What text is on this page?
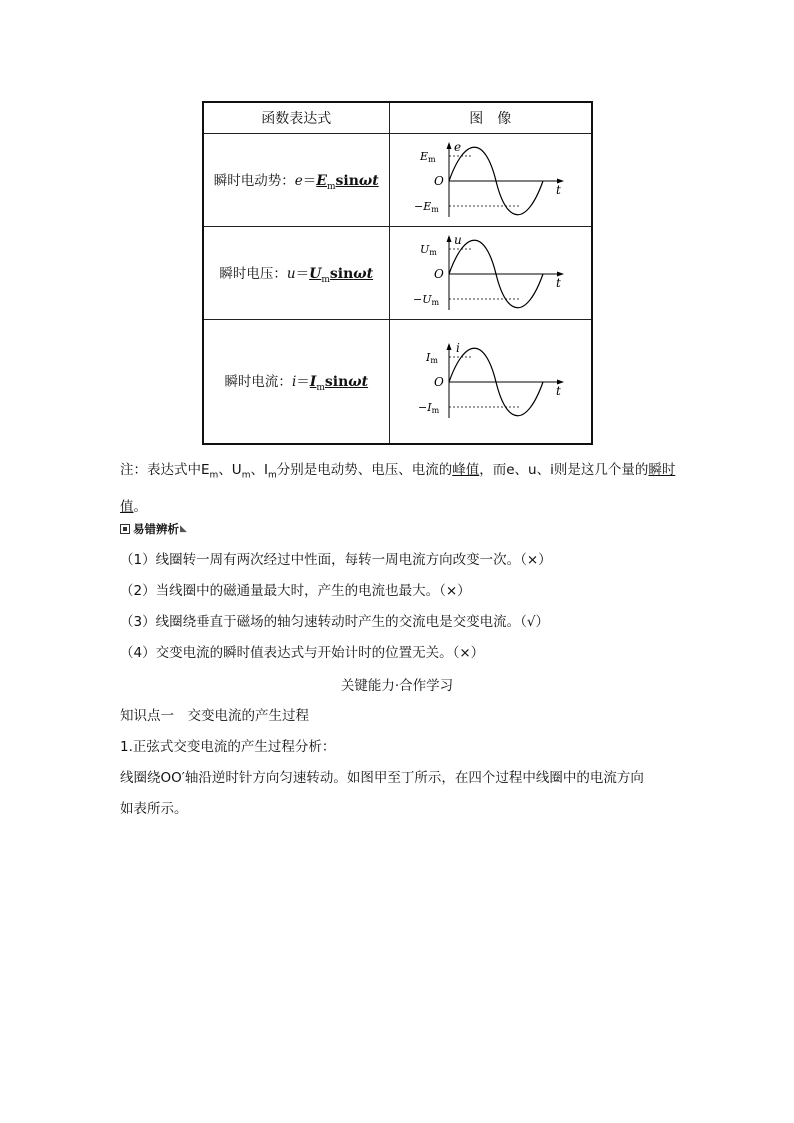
函数表达式	图　像
瞬时电动势：$e=E_m\sin\omega t$	e
Em
O
−Em
t

瞬时电压：$u=U_m\sin\omega t$	u
Um
O
−Um
t

瞬时电流：$i=I_m\sin\omega t$	i
Im
O
−Im
t
注：表达式中$E_m$、$U_m$、$I_m$分别是电动势、电压、电流的峰值，而e、u、i则是这几个量的瞬时值。
易错辨析 ◣
（1）线圈转一周有两次经过中性面，每转一周电流方向改变一次。（×）
（2）当线圈中的磁通量最大时，产生的电流也最大。（×）
（3）线圈绕垂直于磁场的轴匀速转动时产生的交流电是交变电流。（√）
（4）交变电流的瞬时值表达式与开始计时的位置无关。（×）
关键能力·合作学习
知识点一　交变电流的产生过程
1.正弦式交变电流的产生过程分析：
线圈绕OO′轴沿逆时针方向匀速转动。如图甲至丁所示，在四个过程中线圈中的电流方向
如表所示。
